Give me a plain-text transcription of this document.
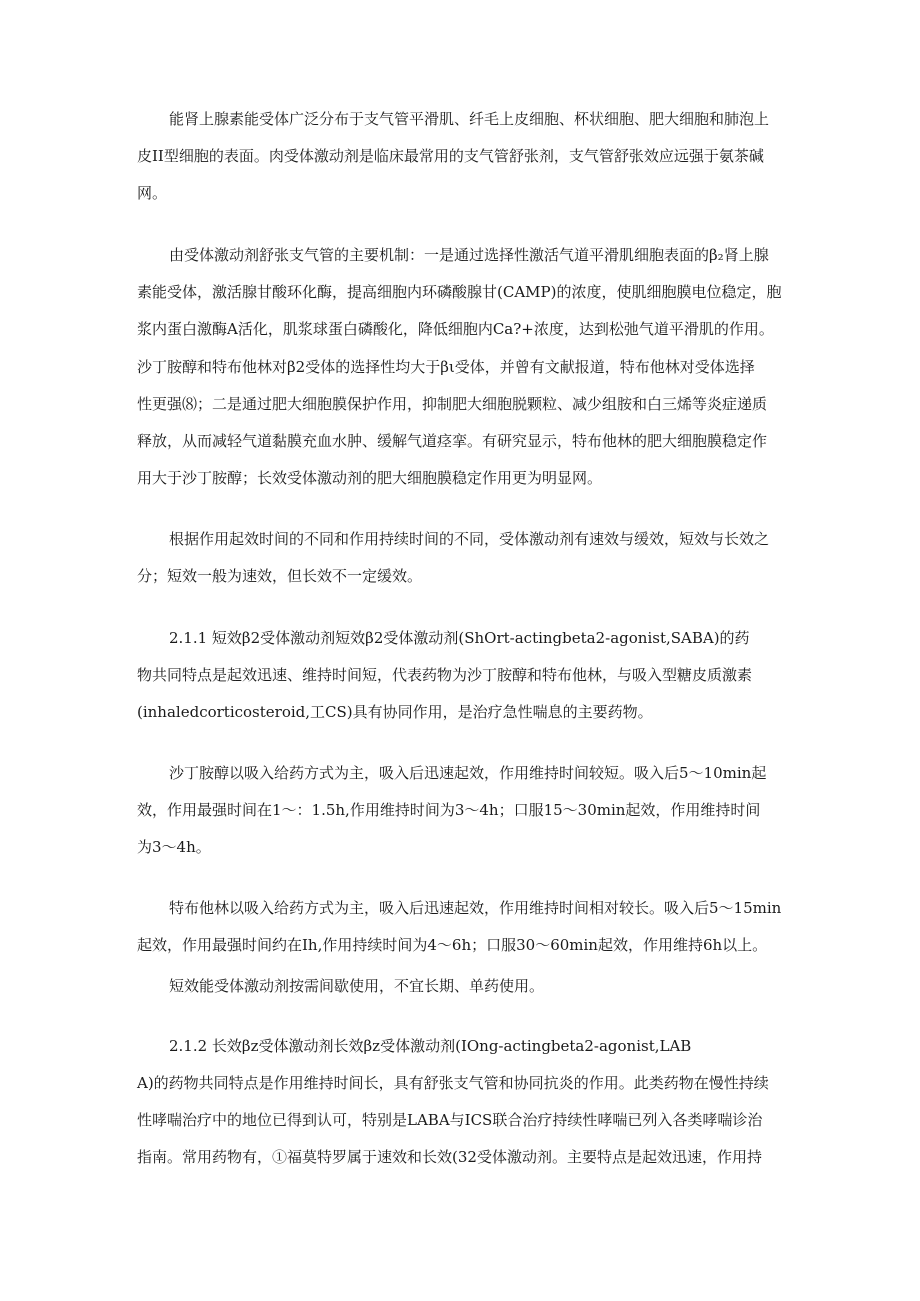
能肾上腺素能受体广泛分布于支气管平滑肌、纤毛上皮细胞、杯状细胞、肥大细胞和肺泡上
皮II型细胞的表面。肉受体激动剂是临床最常用的支气管舒张剂，支气管舒张效应远强于氨茶碱
网。
由受体激动剂舒张支气管的主要机制：一是通过选择性激活气道平滑肌细胞表面的β₂肾上腺
素能受体，激活腺甘酸环化酶，提高细胞内环磷酸腺甘(CAMP)的浓度，使肌细胞膜电位稳定，胞
浆内蛋白激酶A活化，肌浆球蛋白磷酸化，降低细胞内Ca?+浓度，达到松弛气道平滑肌的作用。
沙丁胺醇和特布他林对β2受体的选择性均大于βι受体，并曾有文献报道，特布他林对受体选择
性更强⑻；二是通过肥大细胞膜保护作用，抑制肥大细胞脱颗粒、减少组胺和白三烯等炎症递质
释放，从而减轻气道黏膜充血水肿、缓解气道痉挛。有研究显示，特布他林的肥大细胞膜稳定作
用大于沙丁胺醇；长效受体激动剂的肥大细胞膜稳定作用更为明显网。
根据作用起效时间的不同和作用持续时间的不同，受体激动剂有速效与缓效，短效与长效之
分；短效一般为速效，但长效不一定缓效。
2.1.1 短效β2受体激动剂短效β2受体激动剂(ShOrt-actingbeta2-agonist,SABA)的药
物共同特点是起效迅速、维持时间短，代表药物为沙丁胺醇和特布他林，与吸入型糖皮质激素
(inhaledcorticosteroid,工CS)具有协同作用，是治疗急性喘息的主要药物。
沙丁胺醇以吸入给药方式为主，吸入后迅速起效，作用维持时间较短。吸入后5～10min起
效，作用最强时间在1～：1.5h,作用维持时间为3～4h；口服15～30min起效，作用维持时间
为3～4h。
特布他林以吸入给药方式为主，吸入后迅速起效，作用维持时间相对较长。吸入后5～15min
起效，作用最强时间约在Ih,作用持续时间为4～6h；口服30～60min起效，作用维持6h以上。
短效能受体激动剂按需间歇使用，不宜长期、单药使用。
2.1.2 长效βz受体激动剂长效βz受体激动剂(IOng-actingbeta2-agonist,LAB
A)的药物共同特点是作用维持时间长，具有舒张支气管和协同抗炎的作用。此类药物在慢性持续
性哮喘治疗中的地位已得到认可，特别是LABA与ICS联合治疗持续性哮喘已列入各类哮喘诊治
指南。常用药物有，①福莫特罗属于速效和长效(32受体激动剂。主要特点是起效迅速，作用持
